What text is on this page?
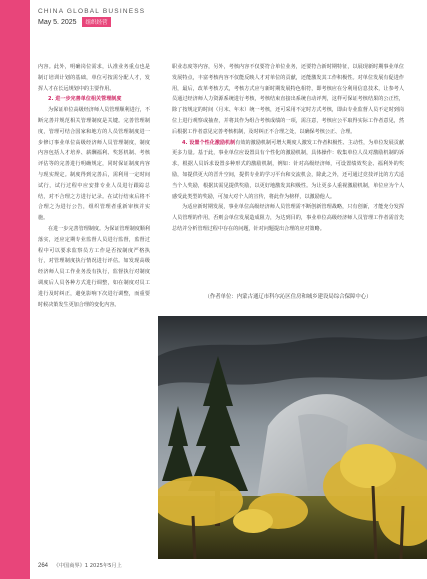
CHINA GLOBAL BUSINESS
May 5. 2025 组织经营

内容。此外，明确岗位需求，认准业务重点也是制订培训计划的基础，单位可按需分配人才，发挥人才在长远规划中的主要作用。

2. 进一步完善单位相关管理制度

为保证单位高级经济师人员管理顺利进行，不断完善并规范相关管理制度是关键。完善管理制度，管理可结合国家和地方的人员管理制度进一步修订事业单位高级经济师人员管理制度，制度内容包括人才培养、薪酬福利、奖惩机制、考核评估等的完善进行明确规定，同时保证制度内容与现实规定。制度得到完善后，需利用一定时间试行，试行过程中应安排专业人员进行跟踪总结，对不合理之方进行记录。在试行结束后将不合理之为进行公告，组织管理者重新审核并实施。

在进一步完善管理制度。为保证管理制度顺利落实，还应定期专业监督人员进行监督，监督过程中可以要求监察员方工作是否按制度严格执行，对管理制度执行情况进行评估。如发现高级经济师人员工作业务没有执行，监督执行对制度调度后人员各种方式进行调整，如在制度对员工进行及时纠正，避免影响下次进行调整，而重要时候决策发生更加合理的变化内容。

职业态度等内容，另外，考核内容不仅要符合单位业务，还要符合新时期特征，以展现新时期事业单位发展特点，丰富考核内容不仅能反映人才对单位的贡献，还能激发其工作积极性。对单位发展有促进作用，最后，改革考核方式，考核方式应与新时期发展特色相符，即考核应在分利用信息技术，让参考人员通过经济师人力资源系统进行考核，考核结束直接出系统自动评判，这样可保证考核结果的公正性，除了按规定的时间（月末、年末）统一考核，还可采用不定时方式考核，即由专业监督人员不定时到岗位上进行观察或抽查，并将其作为组合考核成绩的一项，需注意，考核应公平取得实际工作者意见，然后根据工作者意见完善考核机制，及时纠正不合理之处，以确保考核公正、合理。

4. 设置个性化激励机制有效的激励机制可增大期度人激发工作者积极性、主动性，为单位发展贡献更多力量。基于此，事业单位应设置具有个性化的激励机制，具体操作：收集单位人员对激励机制的诉求，根据人员诉求设置多种形式的激励机制，例如：针对高级经济师，可设置绩效奖金、福利外的奖励，如提供更大的晋升空间，提供专业的学习平台和交流机会，除此之外，还可通过竞技评比的方式适当个人奖励，根据其需见提供奖励，以更好地激发其积极性。为让更多人重视激励机制，单位应为个人感受此类型的奖励，可加大对个人的宣传，将此作为榜样，以激励他人。

为适应新时期发展，事业单位高级经济师人员管理需不断创新管理战略，只有创新，才能充分发挥人员管理的作用，否则会单位发展造成阻力，为达到目的，事业单位高级经济师人员管理工作者需首先总结并分析管理过程中存在的问题，针对问题提出合理的应对策略。

（作者单位：内蒙古通辽市科尔沁区住房和城乡建设局综合保障中心）
264 《中国商界》1 2025年5月上
